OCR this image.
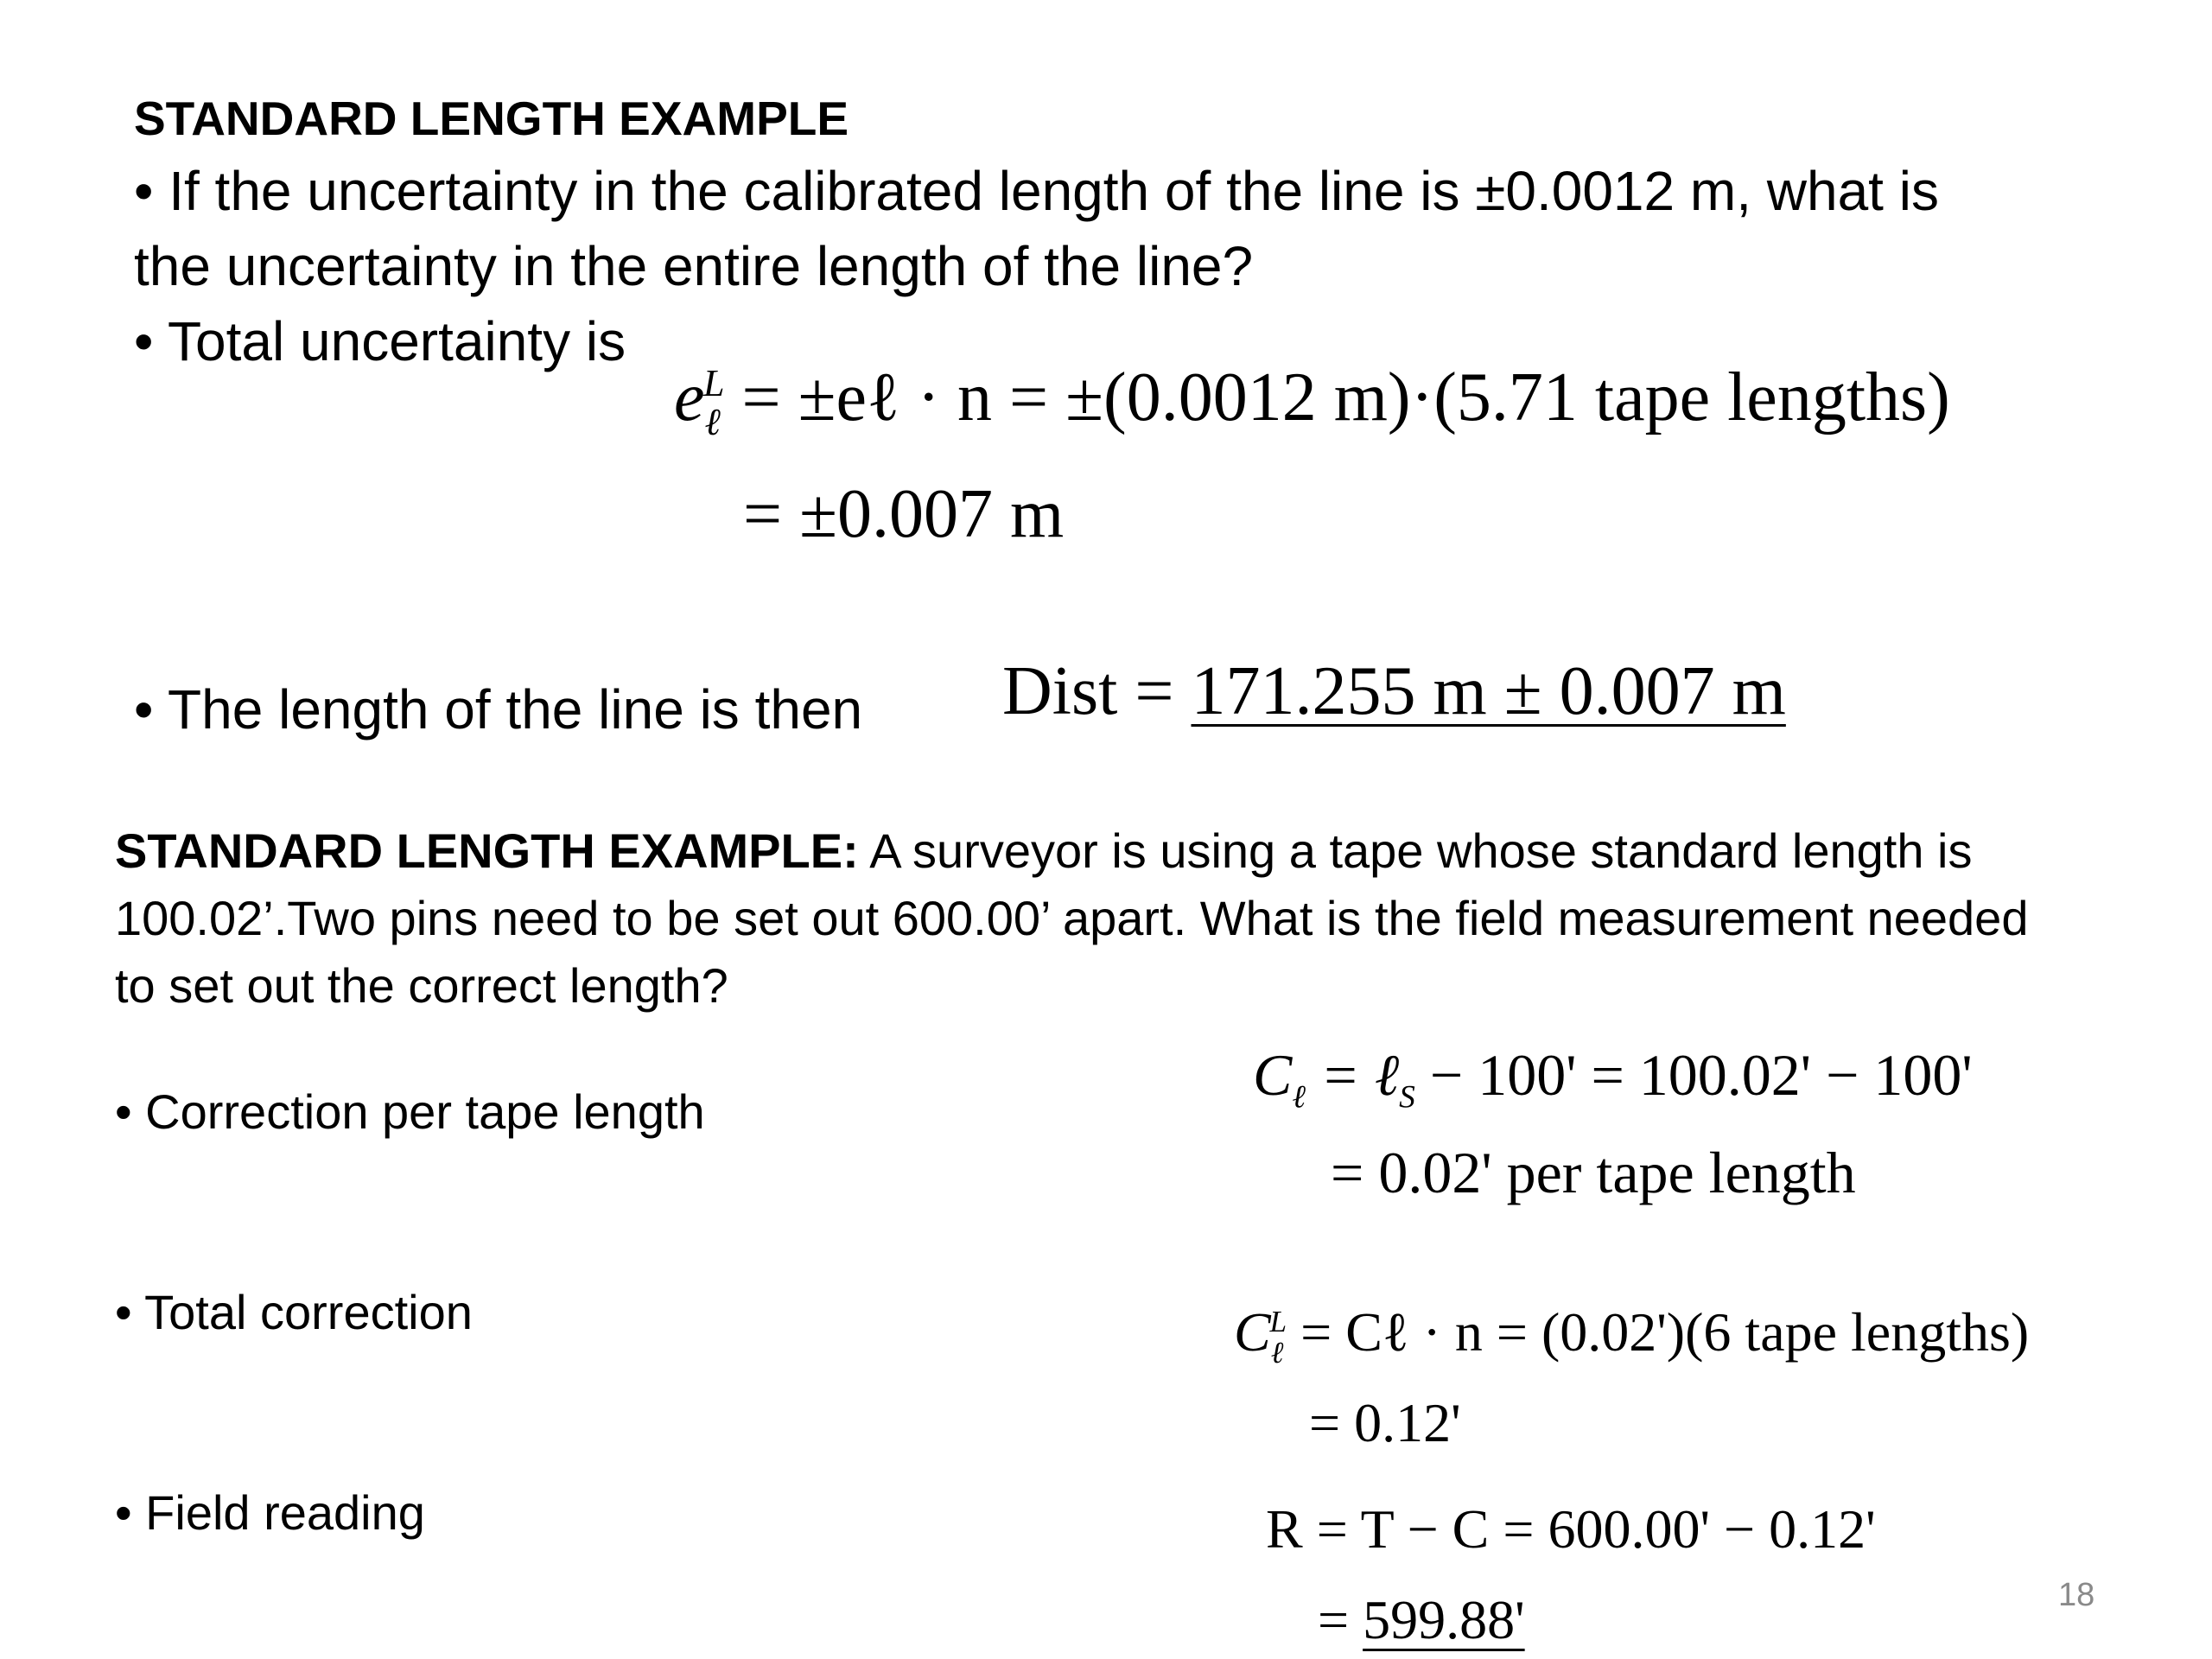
STANDARD LENGTH EXAMPLE
• If the uncertainty in the calibrated length of the line is ±0.0012 m, what is
the uncertainty in the entire length of the line?
• Total uncertainty is
$e_\ell^L$ = ±eℓ · n = ±(0.0012 m)·(5.71 tape lengths)
= ±0.007 m
• The length of the line is then Dist = 171.255 m ± 0.007 m
STANDARD LENGTH EXAMPLE: A surveyor is using a tape whose standard length is
100.02’.Two pins need to be set out 600.00’ apart. What is the field measurement needed
to set out the correct length?
• Correction per tape length
$C_\ell$ = ℓ$_S$ − 100' = 100.02' − 100'
= 0.02' per tape length
• Total correction	$C_\ell^L$ = Cℓ · n = (0.02')(6 tape lengths)
= 0.12'
• Field reading	R = T − C = 600.00' − 0.12'
= 599.88'	18
